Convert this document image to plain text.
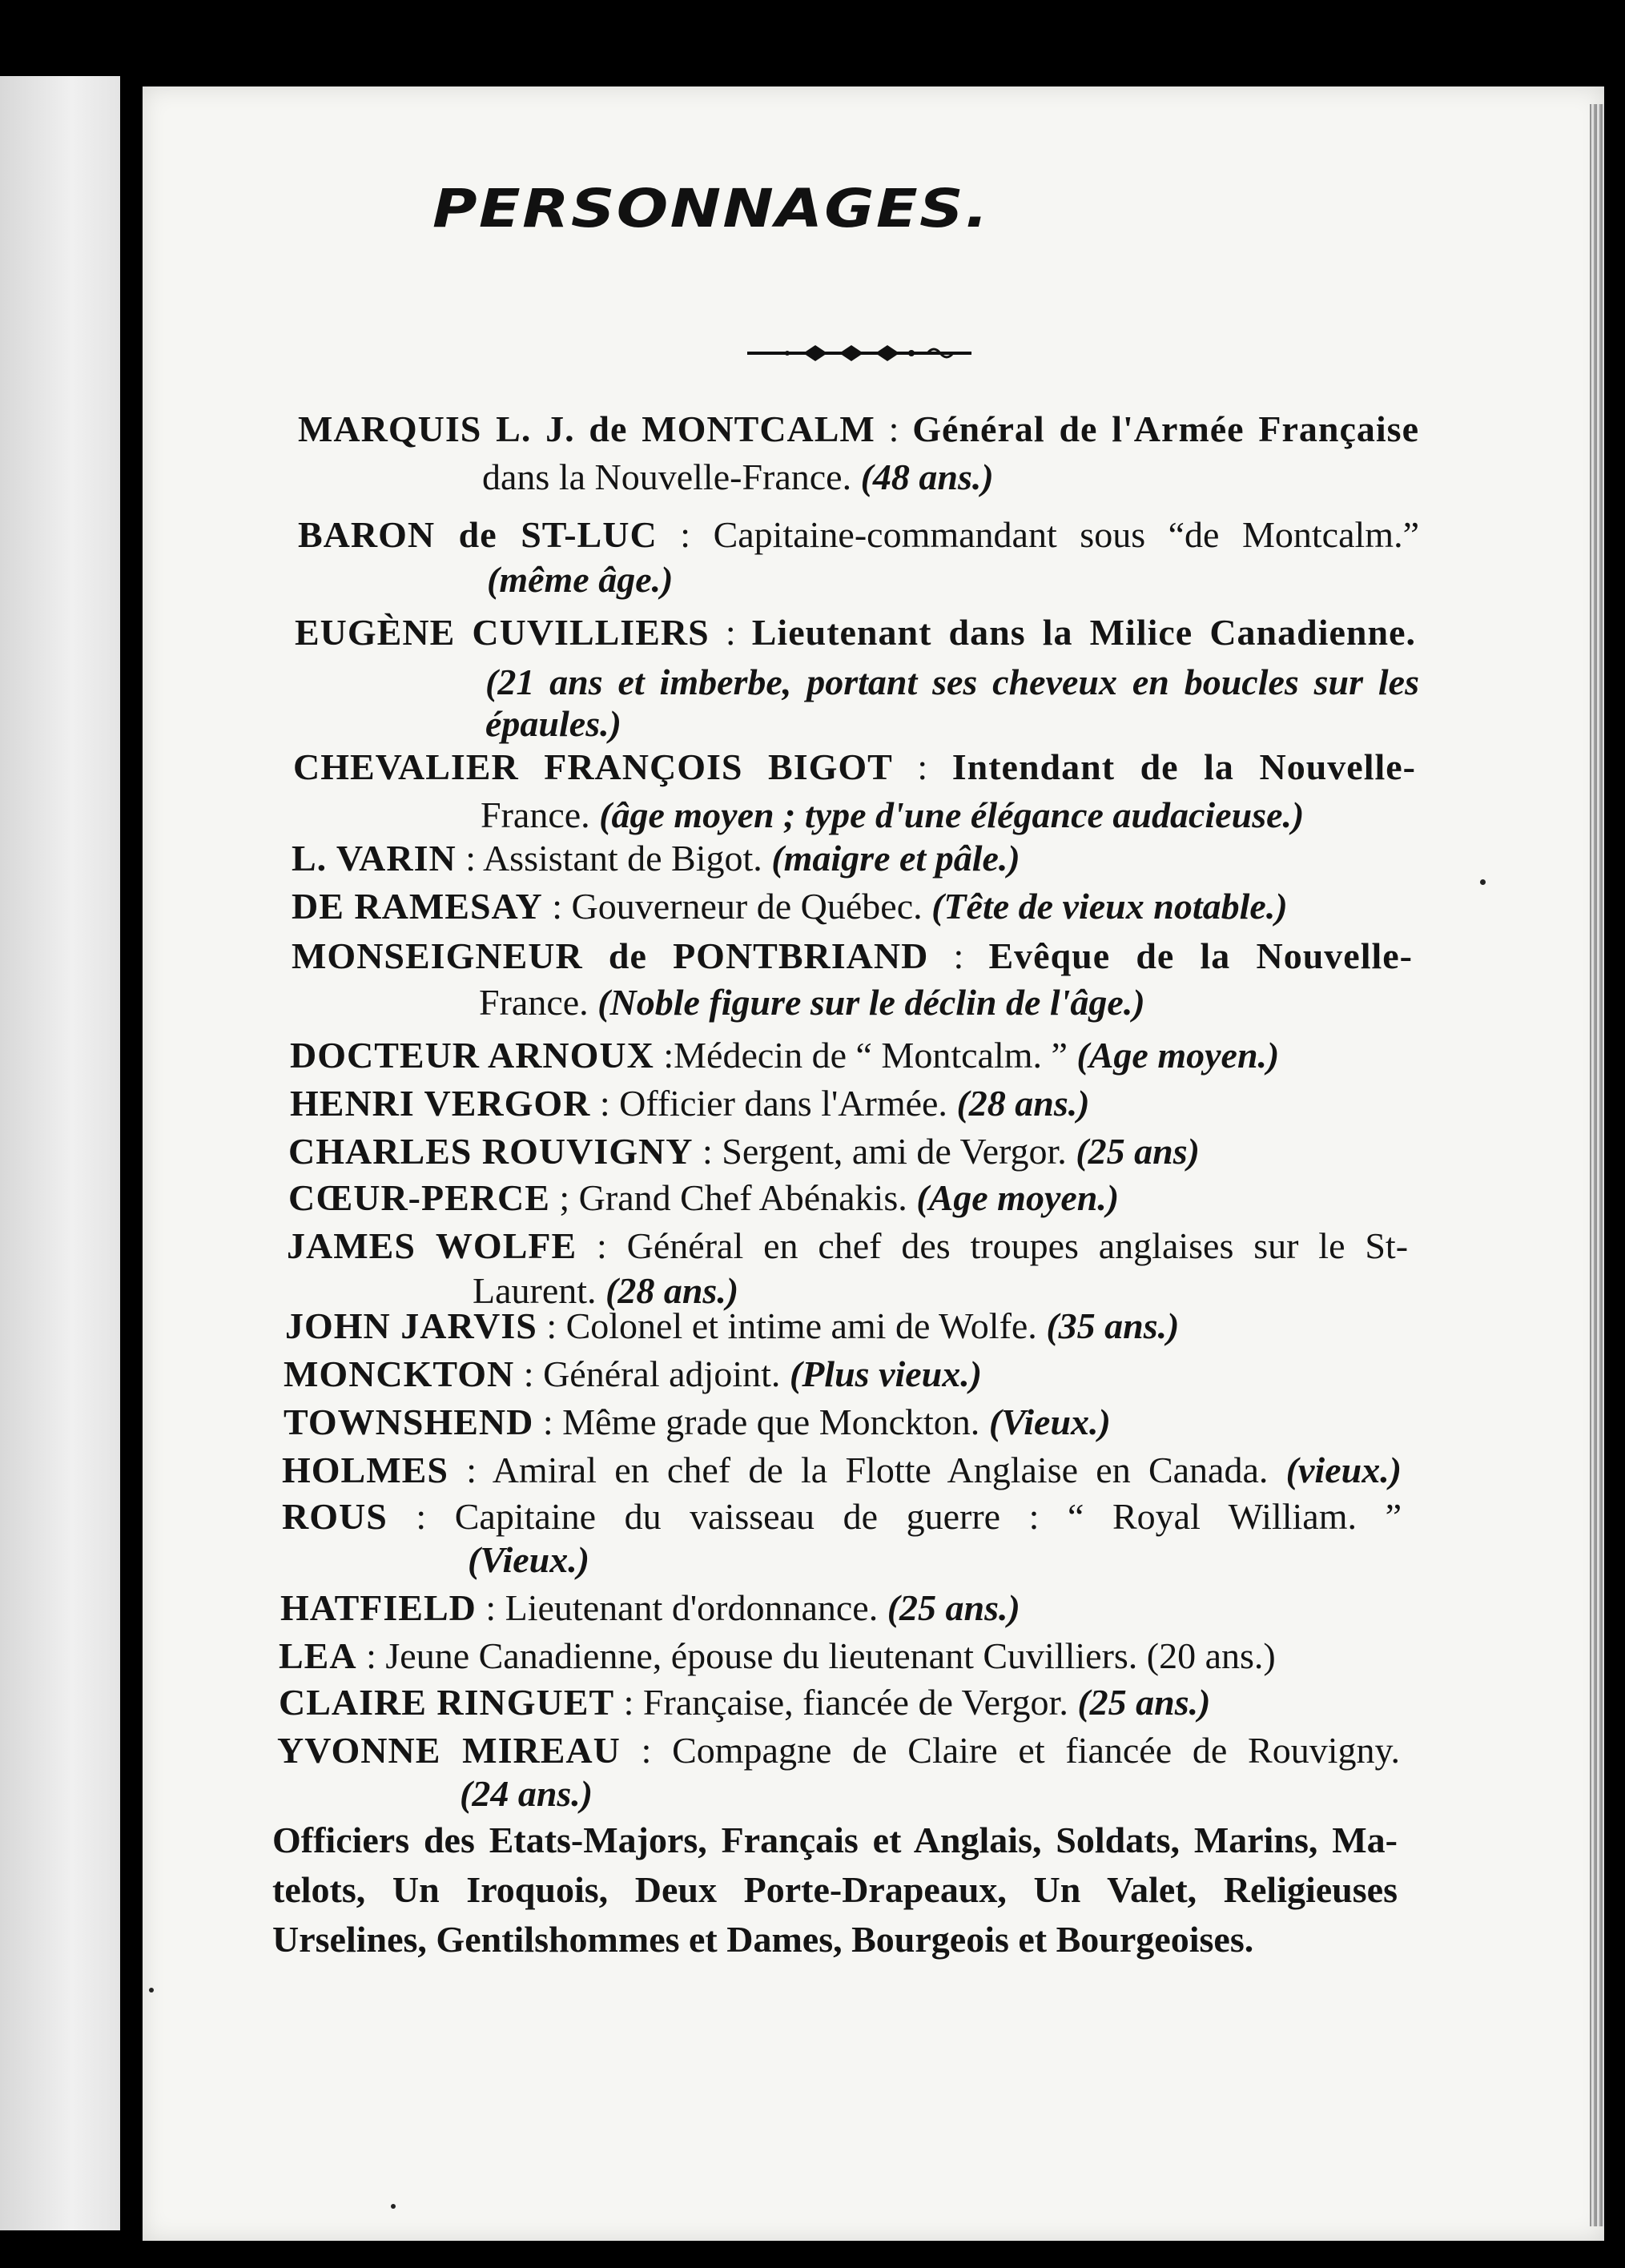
PERSONNAGES.
MARQUIS L. J. de MONTCALM : Général de l'Armée Française
dans la Nouvelle-France. (48 ans.)
BARON de ST-LUC : Capitaine-commandant sous “de Montcalm.”
(même âge.)
EUGÈNE CUVILLIERS : Lieutenant dans la Milice Canadienne.
(21 ans et imberbe, portant ses cheveux en boucles sur les
épaules.)
CHEVALIER FRANÇOIS BIGOT : Intendant de la Nouvelle-
France. (âge moyen ; type d'une élégance audacieuse.)
L. VARIN : Assistant de Bigot. (maigre et pâle.)
DE RAMESAY : Gouverneur de Québec. (Tête de vieux notable.)
MONSEIGNEUR de PONTBRIAND : Evêque de la Nouvelle-
France. (Noble figure sur le déclin de l'âge.)
DOCTEUR ARNOUX :Médecin de “ Montcalm. ” (Age moyen.)
HENRI VERGOR : Officier dans l'Armée. (28 ans.)
CHARLES ROUVIGNY : Sergent, ami de Vergor. (25 ans)
CŒUR-PERCE ; Grand Chef Abénakis. (Age moyen.)
JAMES WOLFE : Général en chef des troupes anglaises sur le St-
Laurent. (28 ans.)
JOHN JARVIS : Colonel et intime ami de Wolfe. (35 ans.)
MONCKTON : Général adjoint. (Plus vieux.)
TOWNSHEND : Même grade que Monckton. (Vieux.)
HOLMES : Amiral en chef de la Flotte Anglaise en Canada. (vieux.)
ROUS : Capitaine du vaisseau de guerre : “ Royal William. ”
(Vieux.)
HATFIELD : Lieutenant d'ordonnance. (25 ans.)
LEA : Jeune Canadienne, épouse du lieutenant Cuvilliers. (20 ans.)
CLAIRE RINGUET : Française, fiancée de Vergor. (25 ans.)
YVONNE MIREAU : Compagne de Claire et fiancée de Rouvigny.
(24 ans.)
Officiers des Etats-Majors, Français et Anglais, Soldats, Marins, Ma-
telots, Un Iroquois, Deux Porte-Drapeaux, Un Valet, Religieuses
Urselines, Gentilshommes et Dames, Bourgeois et Bourgeoises.
